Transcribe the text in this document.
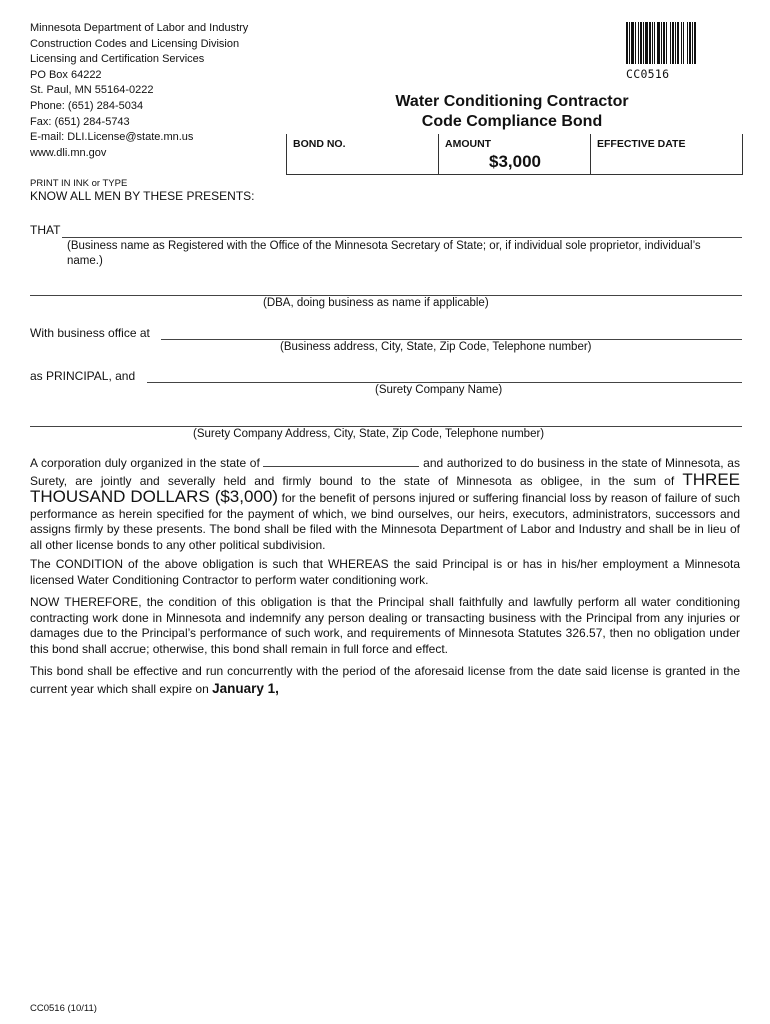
Minnesota Department of Labor and Industry
Construction Codes and Licensing Division
Licensing and Certification Services
PO Box 64222
St. Paul, MN 55164-0222
Phone: (651) 284-5034
Fax: (651) 284-5743
E-mail: DLI.License@state.mn.us
www.dli.mn.gov
CC0516
Water Conditioning Contractor
Code Compliance Bond
BOND NO.	AMOUNT
$3,000
EFFECTIVE DATE
PRINT IN INK or TYPE
KNOW ALL MEN BY THESE PRESENTS:
THAT
(Business name as Registered with the Office of the Minnesota Secretary of State; or, if individual sole proprietor, individual’s name.)
(DBA, doing business as name if applicable)
With business office at
(Business address, City, State, Zip Code, Telephone number)
as PRINCIPAL, and
(Surety Company Name)
(Surety Company Address, City, State, Zip Code, Telephone number)
A corporation duly organized in the state of	and authorized to do business in the state of Minnesota, as Surety, are jointly and severally held and firmly bound to the state of Minnesota as obligee, in the sum of THREE THOUSAND DOLLARS ($3,000) for the benefit of persons injured or suffering financial loss by reason of failure of such performance as herein specified for the payment of which, we bind ourselves, our heirs, executors, administrators, successors and assigns firmly by these presents. The bond shall be filed with the Minnesota Department of Labor and Industry and shall be in lieu of all other license bonds to any other political subdivision.
The CONDITION of the above obligation is such that WHEREAS the said Principal is or has in his/her employment a Minnesota licensed Water Conditioning Contractor to perform water conditioning work.
NOW THEREFORE, the condition of this obligation is that the Principal shall faithfully and lawfully perform all water conditioning contracting work done in Minnesota and indemnify any person dealing or transacting business with the Principal from any injuries or damages due to the Principal’s performance of such work, and requirements of Minnesota Statutes 326.57, then no obligation under this bond shall accrue; otherwise, this bond shall remain in full force and effect.
This bond shall be effective and run concurrently with the period of the aforesaid license from the date said license is granted in the current year which shall expire on January 1,
CC0516 (10/11)
